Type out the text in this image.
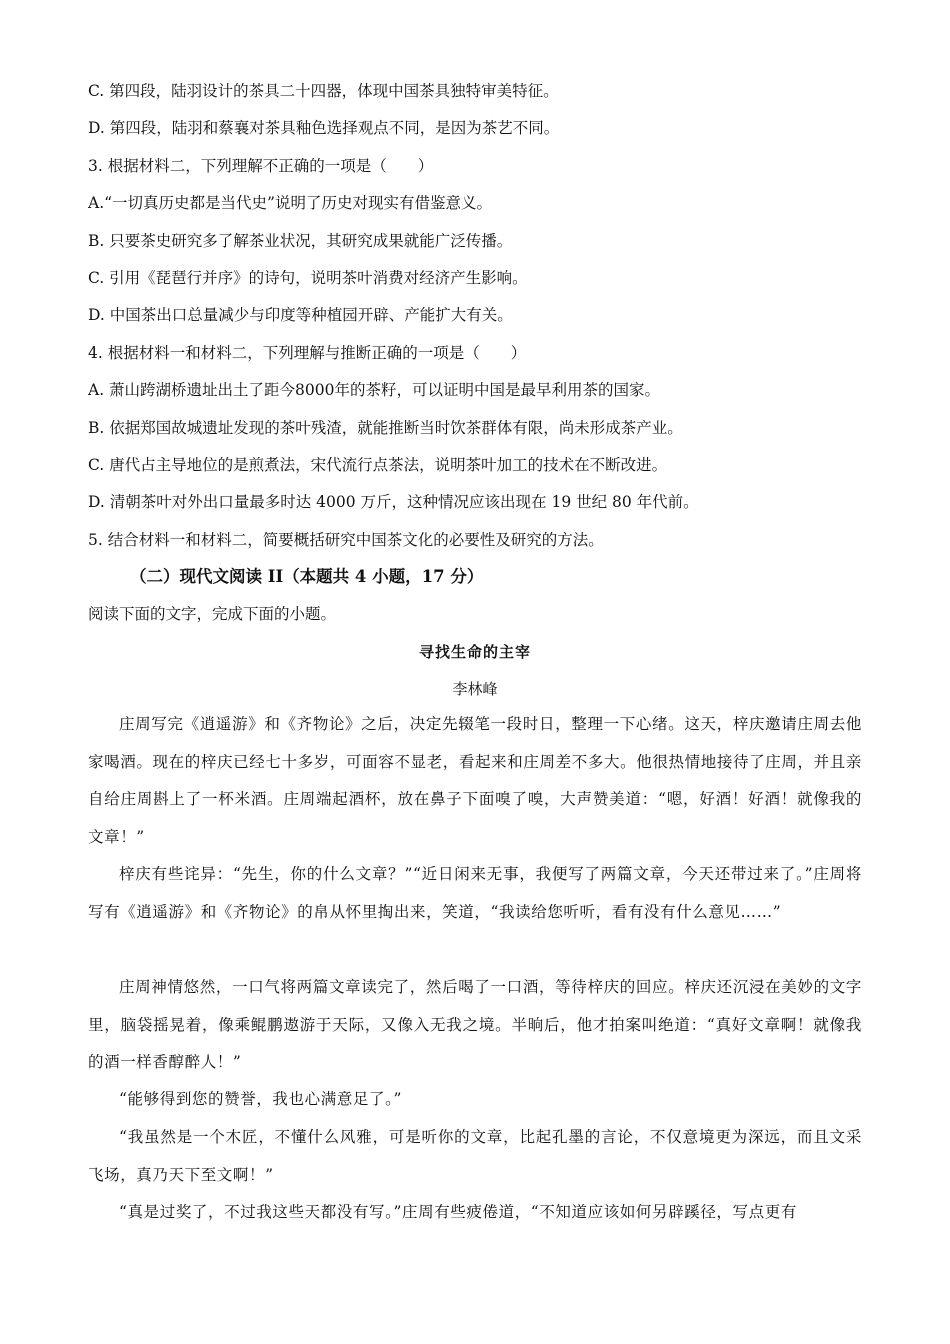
C. 第四段，陆羽设计的茶具二十四器，体现中国茶具独特审美特征。
D. 第四段，陆羽和蔡襄对茶具釉色选择观点不同，是因为茶艺不同。
3. 根据材料二，下列理解不正确的一项是（　　）
A.“一切真历史都是当代史”说明了历史对现实有借鉴意义。
B. 只要茶史研究多了解茶业状况，其研究成果就能广泛传播。
C. 引用《琵琶行并序》的诗句，说明茶叶消费对经济产生影响。
D. 中国茶出口总量减少与印度等种植园开辟、产能扩大有关。
4. 根据材料一和材料二，下列理解与推断正确的一项是（　　）
A. 萧山跨湖桥遗址出土了距今8000年的茶籽，可以证明中国是最早利用茶的国家。
B. 依据郑国故城遗址发现的茶叶残渣，就能推断当时饮茶群体有限，尚未形成茶产业。
C. 唐代占主导地位的是煎煮法，宋代流行点茶法，说明茶叶加工的技术在不断改进。
D. 清朝茶叶对外出口量最多时达 4000 万斤，这种情况应该出现在 19 世纪 80 年代前。
5. 结合材料一和材料二，简要概括研究中国茶文化的必要性及研究的方法。
（二）现代文阅读 II（本题共 4 小题，17 分）
阅读下面的文字，完成下面的小题。
寻找生命的主宰
李林峰
庄周写完《逍遥游》和《齐物论》之后，决定先辍笔一段时日，整理一下心绪。这天，梓庆邀请庄周去他家喝酒。现在的梓庆已经七十多岁，可面容不显老，看起来和庄周差不多大。他很热情地接待了庄周，并且亲自给庄周斟上了一杯米酒。庄周端起酒杯，放在鼻子下面嗅了嗅，大声赞美道：“嗯，好酒！好酒！就像我的文章！”
梓庆有些诧异：“先生，你的什么文章？”“近日闲来无事，我便写了两篇文章，今天还带过来了。”庄周将写有《逍遥游》和《齐物论》的帛从怀里掏出来，笑道，“我读给您听听，看有没有什么意见……”
庄周神情悠然，一口气将两篇文章读完了，然后喝了一口酒，等待梓庆的回应。梓庆还沉浸在美妙的文字里，脑袋摇晃着，像乘鲲鹏遨游于天际，又像入无我之境。半晌后，他才拍案叫绝道：“真好文章啊！就像我的酒一样香醇醉人！”
“能够得到您的赞誉，我也心满意足了。”
“我虽然是一个木匠，不懂什么风雅，可是听你的文章，比起孔墨的言论，不仅意境更为深远，而且文采飞场，真乃天下至文啊！”
“真是过奖了，不过我这些天都没有写。”庄周有些疲倦道，“不知道应该如何另辟蹊径，写点更有
